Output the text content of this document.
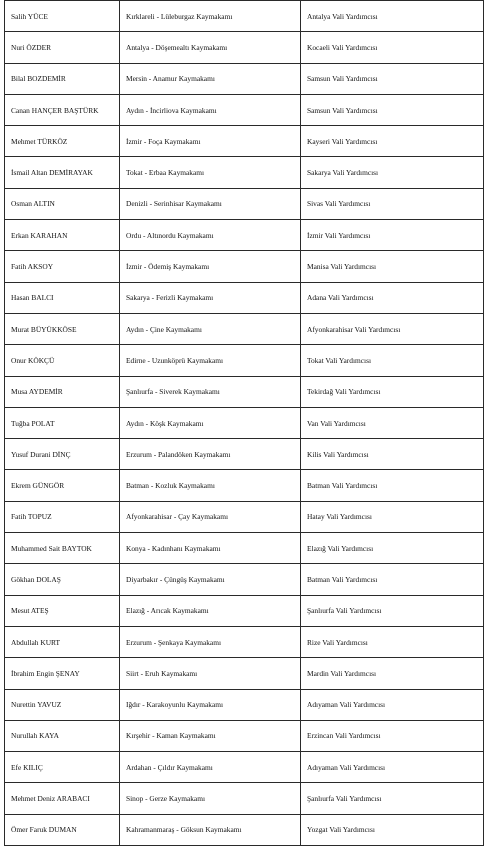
Salih YÜCE	Kırklareli - Lüleburgaz Kaymakamı	Antalya Vali Yardımcısı
Nuri ÖZDER	Antalya - Döşemealtı Kaymakamı	Kocaeli Vali Yardımcısı
Bilal BOZDEMİR	Mersin - Anamur Kaymakamı	Samsun Vali Yardımcısı
Canan HANÇER BAŞTÜRK	Aydın - İncirliova Kaymakamı	Samsun Vali Yardımcısı
Mehmet TÜRKÖZ	İzmir - Foça Kaymakamı	Kayseri Vali Yardımcısı
İsmail Altan DEMİRAYAK	Tokat - Erbaa Kaymakamı	Sakarya Vali Yardımcısı
Osman ALTIN	Denizli - Serinhisar Kaymakamı	Sivas Vali Yardımcısı
Erkan KARAHAN	Ordu - Altınordu Kaymakamı	İzmir Vali Yardımcısı
Fatih AKSOY	İzmir - Ödemiş Kaymakamı	Manisa Vali Yardımcısı
Hasan BALCI	Sakarya - Ferizli Kaymakamı	Adana Vali Yardımcısı
Murat BÜYÜKKÖSE	Aydın - Çine Kaymakamı	Afyonkarahisar Vali Yardımcısı
Onur KÖKÇÜ	Edirne - Uzunköprü Kaymakamı	Tokat Vali Yardımcısı
Musa AYDEMİR	Şanlıurfa - Siverek Kaymakamı	Tekirdağ Vali Yardımcısı
Tuğba POLAT	Aydın - Köşk Kaymakamı	Van Vali Yardımcısı
Yusuf Durani DİNÇ	Erzurum - Palandöken Kaymakamı	Kilis Vali Yardımcısı
Ekrem GÜNGÖR	Batman - Kozluk Kaymakamı	Batman Vali Yardımcısı
Fatih TOPUZ	Afyonkarahisar - Çay Kaymakamı	Hatay Vali Yardımcısı
Muhammed Sait BAYTOK	Konya - Kadınhanı Kaymakamı	Elazığ Vali Yardımcısı
Gökhan DOLAŞ	Diyarbakır - Çüngüş Kaymakamı	Batman Vali Yardımcısı
Mesut ATEŞ	Elazığ - Arıcak Kaymakamı	Şanlıurfa Vali Yardımcısı
Abdullah KURT	Erzurum - Şenkaya Kaymakamı	Rize Vali Yardımcısı
İbrahim Engin ŞENAY	Siirt - Eruh Kaymakamı	Mardin Vali Yardımcısı
Nurettin YAVUZ	Iğdır - Karakoyunlu Kaymakamı	Adıyaman Vali Yardımcısı
Nurullah KAYA	Kırşehir - Kaman Kaymakamı	Erzincan Vali Yardımcısı
Efe KILIÇ	Ardahan - Çıldır Kaymakamı	Adıyaman Vali Yardımcısı
Mehmet Deniz ARABACI	Sinop - Gerze Kaymakamı	Şanlıurfa Vali Yardımcısı
Ömer Faruk DUMAN	Kahramanmaraş - Göksun Kaymakamı	Yozgat Vali Yardımcısı
